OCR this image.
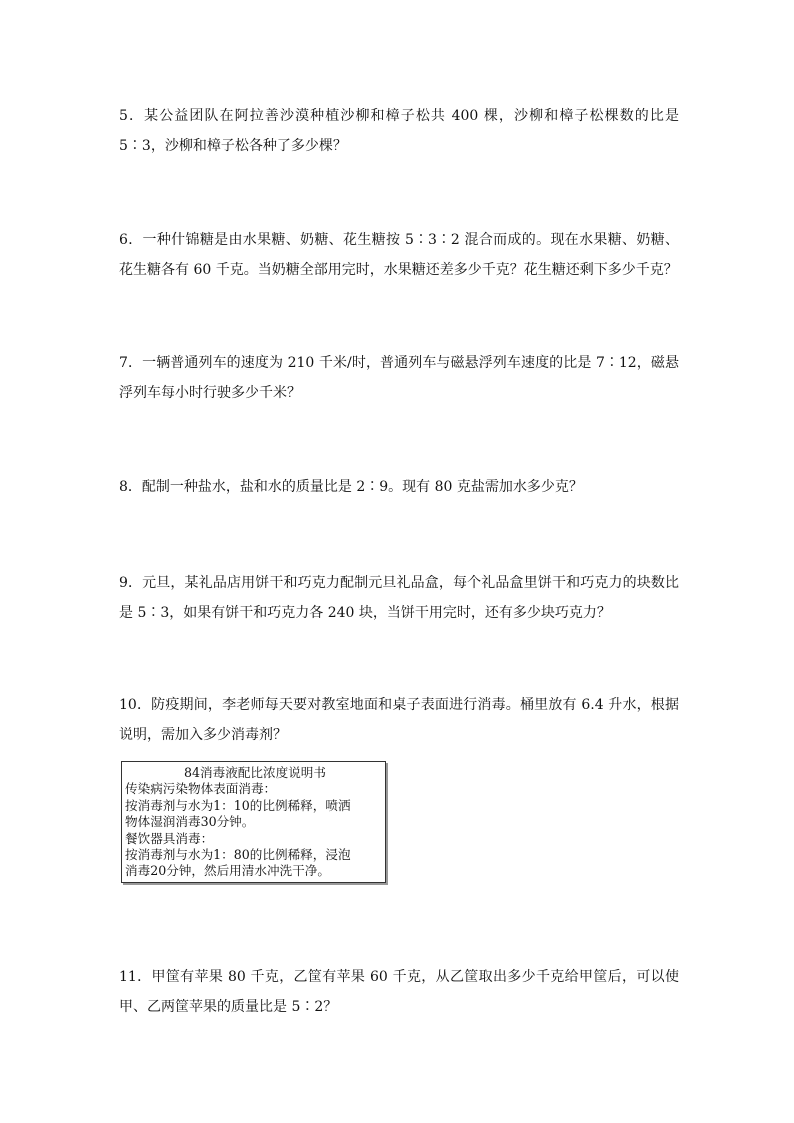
5．某公益团队在阿拉善沙漠种植沙柳和樟子松共 400 棵，沙柳和樟子松棵数的比是 5∶3，沙柳和樟子松各种了多少棵？

6．一种什锦糖是由水果糖、奶糖、花生糖按 5∶3∶2 混合而成的。现在水果糖、奶糖、花生糖各有 60 千克。当奶糖全部用完时，水果糖还差多少千克？花生糖还剩下多少千克？

7．一辆普通列车的速度为 210 千米/时，普通列车与磁悬浮列车速度的比是 7∶12，磁悬浮列车每小时行驶多少千米？

8．配制一种盐水，盐和水的质量比是 2∶9。现有 80 克盐需加水多少克？

9．元旦，某礼品店用饼干和巧克力配制元旦礼品盒，每个礼品盒里饼干和巧克力的块数比是 5∶3，如果有饼干和巧克力各 240 块，当饼干用完时，还有多少块巧克力？

10．防疫期间，李老师每天要对教室地面和桌子表面进行消毒。桶里放有 6.4 升水，根据说明，需加入多少消毒剂？

84消毒液配比浓度说明书
传染病污染物体表面消毒：
按消毒剂与水为1：10的比例稀释，喷洒
物体湿润消毒30分钟。
餐饮器具消毒：
按消毒剂与水为1：80的比例稀释，浸泡
消毒20分钟，然后用清水冲洗干净。

11．甲筐有苹果 80 千克，乙筐有苹果 60 千克，从乙筐取出多少千克给甲筐后，可以使甲、乙两筐苹果的质量比是 5∶2？
